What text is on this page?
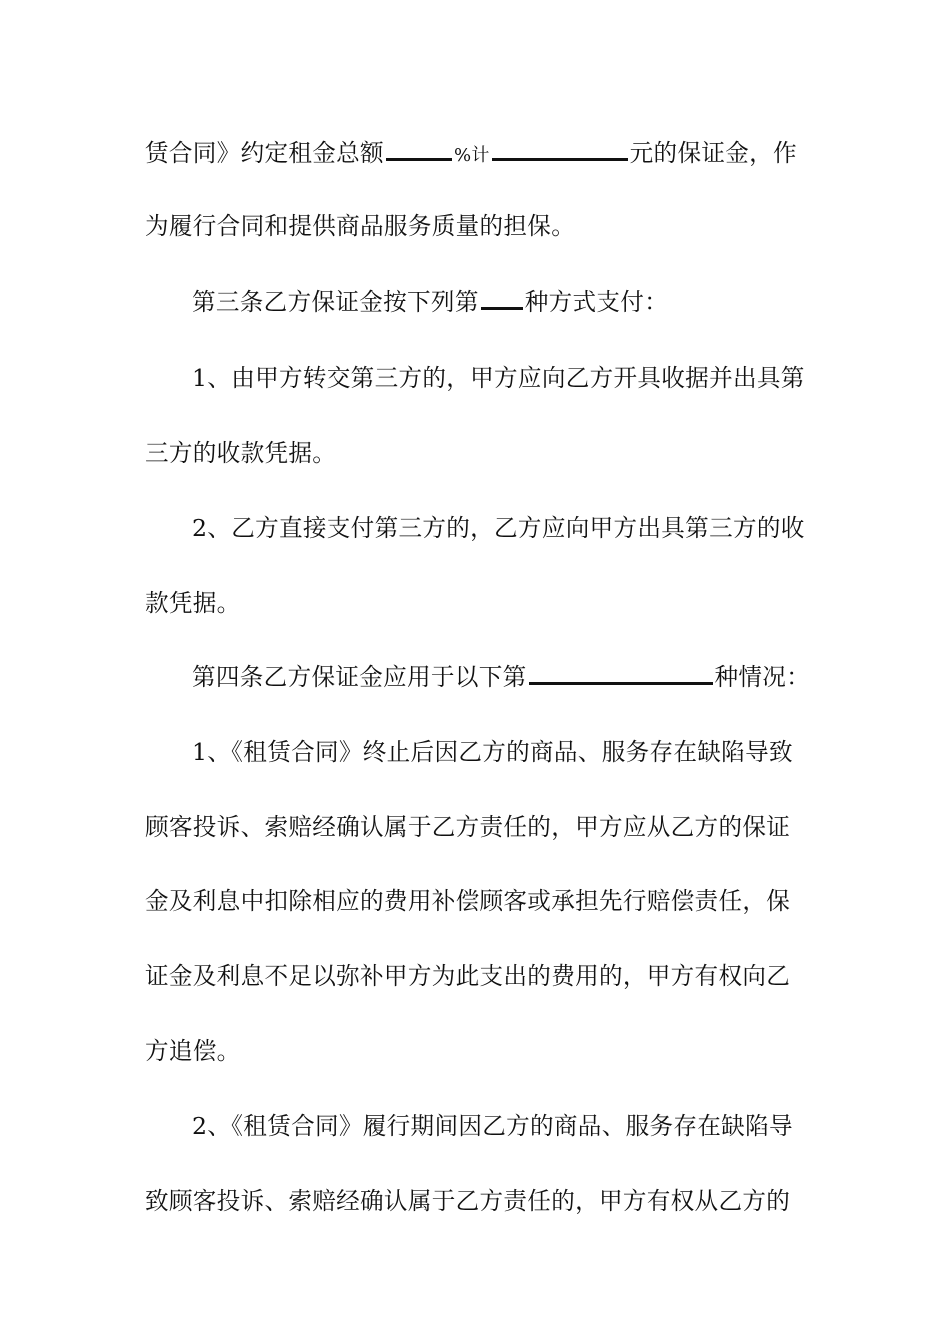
赁合同》约定租金总额	%计	元的保证金，作
为履行合同和提供商品服务质量的担保。
第三条乙方保证金按下列第 种方式支付：
1、由甲方转交第三方的，甲方应向乙方开具收据并出具第
三方的收款凭据。
2、乙方直接支付第三方的，乙方应向甲方出具第三方的收
款凭据。
第四条乙方保证金应用于以下第	种情况：
1、《租赁合同》终止后因乙方的商品、服务存在缺陷导致
顾客投诉、索赔经确认属于乙方责任的，甲方应从乙方的保证
金及利息中扣除相应的费用补偿顾客或承担先行赔偿责任，保
证金及利息不足以弥补甲方为此支出的费用的，甲方有权向乙
方追偿。
2、《租赁合同》履行期间因乙方的商品、服务存在缺陷导
致顾客投诉、索赔经确认属于乙方责任的，甲方有权从乙方的
